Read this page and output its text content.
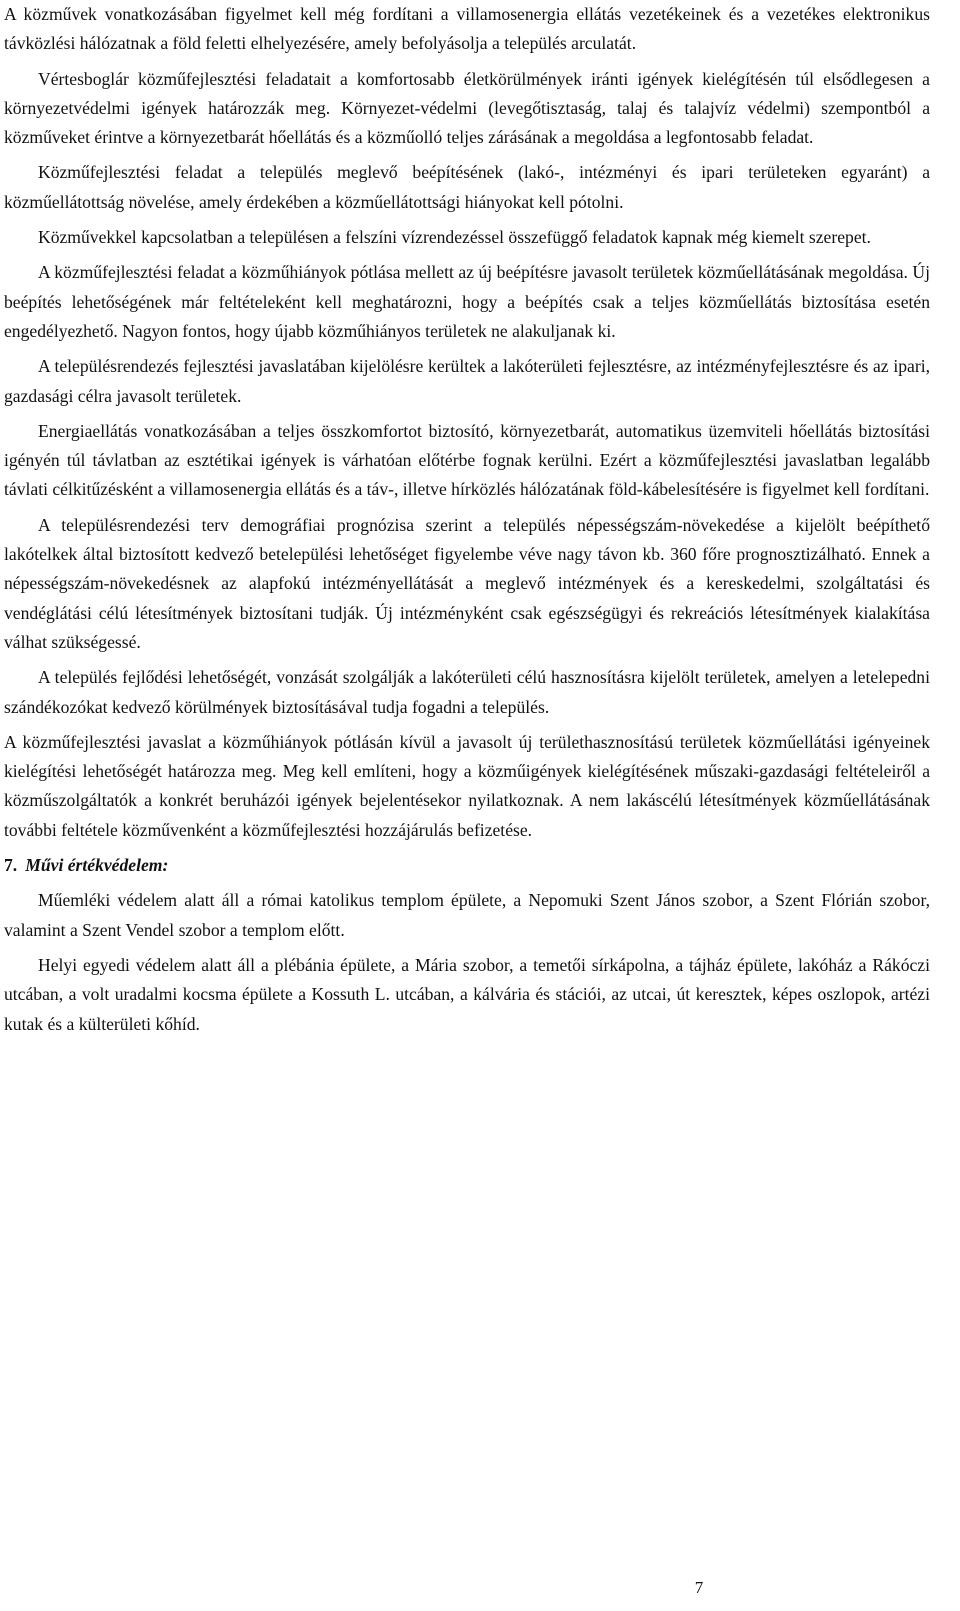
A közművek vonatkozásában figyelmet kell még fordítani a villamosenergia ellátás vezetékeinek és a vezetékes elektronikus távközlési hálózatnak a föld feletti elhelyezésére, amely befolyásolja a település arculatát.

Vértesboglár közműfejlesztési feladatait a komfortosabb életkörülmények iránti igények kielégítésén túl elsődlegesen a környezetvédelmi igények határozzák meg. Környezet-védelmi (levegőtisztaság, talaj és talajvíz védelmi) szempontból a közműveket érintve a környezetbarát hőellátás és a közműolló teljes zárásának a megoldása a legfontosabb feladat.

Közműfejlesztési feladat a település meglevő beépítésének (lakó-, intézményi és ipari területeken egyaránt) a közműellátottság növelése, amely érdekében a közműellátottsági hiányokat kell pótolni.

Közművekkel kapcsolatban a településen a felszíni vízrendezéssel összefüggő feladatok kapnak még kiemelt szerepet.

A közműfejlesztési feladat a közműhiányok pótlása mellett az új beépítésre javasolt területek közműellátásának megoldása. Új beépítés lehetőségének már feltételeként kell meghatározni, hogy a beépítés csak a teljes közműellátás biztosítása esetén engedélyezhető. Nagyon fontos, hogy újabb közműhiányos területek ne alakuljanak ki.

A településrendezés fejlesztési javaslatában kijelölésre kerültek a lakóterületi fejlesztésre, az intézményfejlesztésre és az ipari, gazdasági célra javasolt területek.

Energiaellátás vonatkozásában a teljes összkomfortot biztosító, környezetbarát, automatikus üzemviteli hőellátás biztosítási igényén túl távlatban az esztétikai igények is várhatóan előtérbe fognak kerülni. Ezért a közműfejlesztési javaslatban legalább távlati célkitűzésként a villamosenergia ellátás és a táv-, illetve hírközlés hálózatának föld-kábelesítésére is figyelmet kell fordítani.

A településrendezési terv demográfiai prognózisa szerint a település népességszám-növekedése a kijelölt beépíthető lakótelkek által biztosított kedvező betelepülési lehetőséget figyelembe véve nagy távon kb. 360 főre prognosztizálható. Ennek a népességszám-növekedésnek az alapfokú intézményellátását a meglevő intézmények és a kereskedelmi, szolgáltatási és vendéglátási célú létesítmények biztosítani tudják. Új intézményként csak egészségügyi és rekreációs létesítmények kialakítása válhat szükségessé.

A település fejlődési lehetőségét, vonzását szolgálják a lakóterületi célú hasznosításra kijelölt területek, amelyen a letelepedni szándékozókat kedvező körülmények biztosításával tudja fogadni a település.

A közműfejlesztési javaslat a közműhiányok pótlásán kívül a javasolt új területhasznosítású területek közműellátási igényeinek kielégítési lehetőségét határozza meg. Meg kell említeni, hogy a közműigények kielégítésének műszaki-gazdasági feltételeiről a közműszolgáltatók a konkrét beruházói igények bejelentésekor nyilatkoznak. A nem lakáscélú létesítmények közműellátásának további feltétele közművenként a közműfejlesztési hozzájárulás befizetése.

7. Művi értékvédelem:

Műemléki védelem alatt áll a római katolikus templom épülete, a Nepomuki Szent János szobor, a Szent Flórián szobor, valamint a Szent Vendel szobor a templom előtt.

Helyi egyedi védelem alatt áll a plébánia épülete, a Mária szobor, a temetői sírkápolna, a tájház épülete, lakóház a Rákóczi utcában, a volt uradalmi kocsma épülete a Kossuth L. utcában, a kálvária és stációi, az utcai, út keresztek, képes oszlopok, artézi kutak és a külterületi kőhíd.

7
